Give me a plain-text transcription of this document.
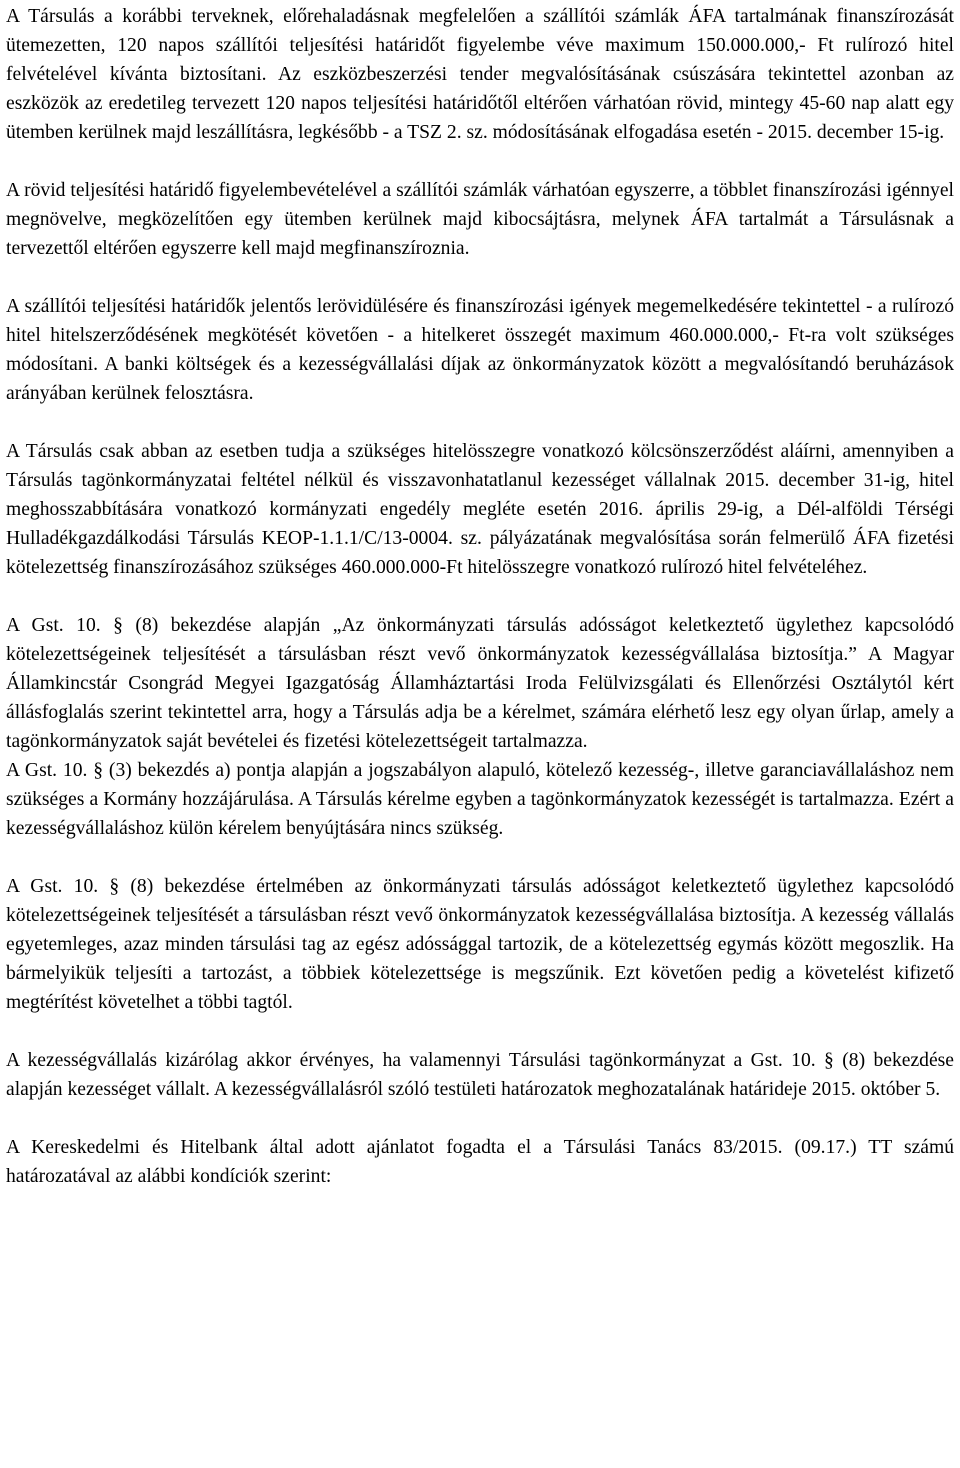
A Társulás a korábbi terveknek, előrehaladásnak megfelelően a szállítói számlák ÁFA tartalmának finanszírozását ütemezetten, 120 napos szállítói teljesítési határidőt figyelembe véve maximum 150.000.000,- Ft rulírozó hitel felvételével kívánta biztosítani. Az eszközbeszerzési tender megvalósításának csúszására tekintettel azonban az eszközök az eredetileg tervezett 120 napos teljesítési határidőtől eltérően várhatóan rövid, mintegy 45-60 nap alatt egy ütemben kerülnek majd leszállításra, legkésőbb - a TSZ 2. sz. módosításának elfogadása esetén - 2015. december 15-ig.

A rövid teljesítési határidő figyelembevételével a szállítói számlák várhatóan egyszerre, a többlet finanszírozási igénnyel megnövelve, megközelítően egy ütemben kerülnek majd kibocsájtásra, melynek ÁFA tartalmát a Társulásnak a tervezettől eltérően egyszerre kell majd megfinanszíroznia.

A szállítói teljesítési határidők jelentős lerövidülésére és finanszírozási igények megemelkedésére tekintettel - a rulírozó hitel hitelszerződésének megkötését követően - a hitelkeret összegét maximum 460.000.000,- Ft-ra volt szükséges módosítani. A banki költségek és a kezességvállalási díjak az önkormányzatok között a megvalósítandó beruházások arányában kerülnek felosztásra.

A Társulás csak abban az esetben tudja a szükséges hitelösszegre vonatkozó kölcsönszerződést aláírni, amennyiben a Társulás tagönkormányzatai feltétel nélkül és visszavonhatatlanul kezességet vállalnak 2015. december 31-ig, hitel meghosszabbítására vonatkozó kormányzati engedély megléte esetén 2016. április 29-ig, a Dél-alföldi Térségi Hulladékgazdálkodási Társulás KEOP-1.1.1/C/13-0004. sz. pályázatának megvalósítása során felmerülő ÁFA fizetési kötelezettség finanszírozásához szükséges 460.000.000-Ft hitelösszegre vonatkozó rulírozó hitel felvételéhez.

A Gst. 10. § (8) bekezdése alapján „Az önkormányzati társulás adósságot keletkeztető ügylethez kapcsolódó kötelezettségeinek teljesítését a társulásban részt vevő önkormányzatok kezességvállalása biztosítja.” A Magyar Államkincstár Csongrád Megyei Igazgatóság Államháztartási Iroda Felülvizsgálati és Ellenőrzési Osztálytól kért állásfoglalás szerint tekintettel arra, hogy a Társulás adja be a kérelmet, számára elérhető lesz egy olyan űrlap, amely a tagönkormányzatok saját bevételei és fizetési kötelezettségeit tartalmazza.

A Gst. 10. § (3) bekezdés a) pontja alapján a jogszabályon alapuló, kötelező kezesség-, illetve garanciavállaláshoz nem szükséges a Kormány hozzájárulása. A Társulás kérelme egyben a tagönkormányzatok kezességét is tartalmazza. Ezért a kezességvállaláshoz külön kérelem benyújtására nincs szükség.

A Gst. 10. § (8) bekezdése értelmében az önkormányzati társulás adósságot keletkeztető ügylethez kapcsolódó kötelezettségeinek teljesítését a társulásban részt vevő önkormányzatok kezességvállalása biztosítja. A kezesség vállalás egyetemleges, azaz minden társulási tag az egész adóssággal tartozik, de a kötelezettség egymás között megoszlik. Ha bármelyikük teljesíti a tartozást, a többiek kötelezettsége is megszűnik. Ezt követően pedig a követelést kifizető megtérítést követelhet a többi tagtól.

A kezességvállalás kizárólag akkor érvényes, ha valamennyi Társulási tagönkormányzat a Gst. 10. § (8) bekezdése alapján kezességet vállalt. A kezességvállalásról szóló testületi határozatok meghozatalának határideje 2015. október 5.

A Kereskedelmi és Hitelbank által adott ajánlatot fogadta el a Társulási Tanács 83/2015. (09.17.) TT számú határozatával az alábbi kondíciók szerint:
